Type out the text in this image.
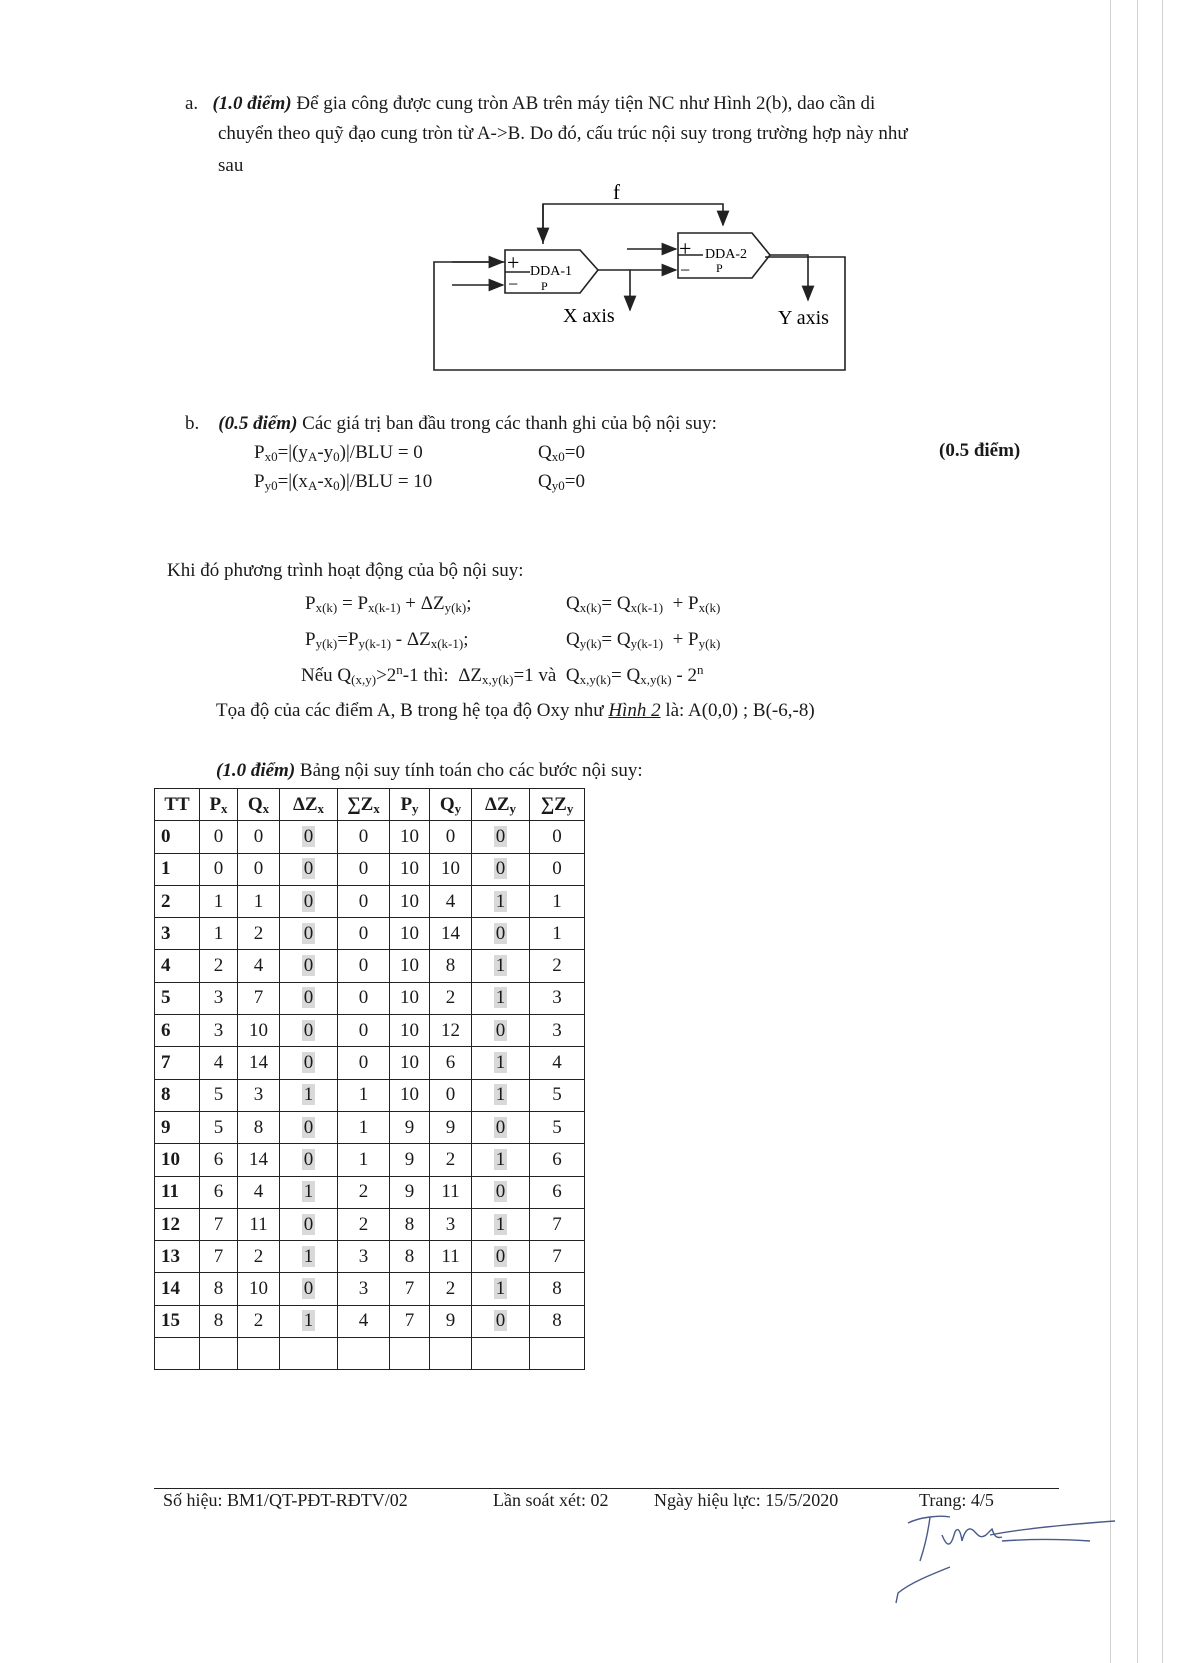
a. (1.0 điểm) Để gia công được cung tròn AB trên máy tiện NC như Hình 2(b), dao cần di
chuyển theo quỹ đạo cung tròn từ A->B. Do đó, cấu trúc nội suy trong trường hợp này như
sau
f
+
−
DDA-1
P
+
−
DDA-2
P
X axis	Y axis
b. (0.5 điểm) Các giá trị ban đầu trong các thanh ghi của bộ nội suy:
(0.5 điểm)
$P_{x0}=|(y_A-y_0)|$/BLU = 0
$P_{y0}=|(x_A-x_0)|$/BLU = 10
$Q_{x0}=0$
$Q_{y0}=0$
Khi đó phương trình hoạt động của bộ nội suy:
$P_{x(k)} = P_{x(k-1)} + \Delta Z_{y(k)}$;	$Q_{x(k)}= Q_{x(k-1)} + P_{x(k)}$
$P_{y(k)}=P_{y(k-1)} - \Delta Z_{x(k-1)}$;	$Q_{y(k)}= Q_{y(k-1)} + P_{y(k)}$
Nếu $Q_{(x,y)}>2^n-1$ thì:  $\Delta Z_{x,y(k)}=1$ và  $Q_{x,y(k)}= Q_{x,y(k)} - 2^n$
Tọa độ của các điểm A, B trong hệ tọa độ Oxy như Hình 2 là: A(0,0) ; B(-6,-8)
(1.0 điểm) Bảng nội suy tính toán cho các bước nội suy:
TT	$P_x$	$Q_x$	$\Delta Z_x$	$\sum Z_x$	$P_y$	$Q_y$	$\Delta Z_y$	$\sum Z_y$
0	0	0	0	0	10	0	0	0
1	0	0	0	0	10	10	0	0
2	1	1	0	0	10	4	1	1
3	1	2	0	0	10	14	0	1
4	2	4	0	0	10	8	1	2
5	3	7	0	0	10	2	1	3
6	3	10	0	0	10	12	0	3
7	4	14	0	0	10	6	1	4
8	5	3	1	1	10	0	1	5
9	5	8	0	1	9	9	0	5
10	6	14	0	1	9	2	1	6
11	6	4	1	2	9	11	0	6
12	7	11	0	2	8	3	1	7
13	7	2	1	3	8	11	0	7
14	8	10	0	3	7	2	1	8
15	8	2	1	4	7	9	0	8

Số hiệu: BM1/QT-PĐT-RĐTV/02	Lần soát xét: 02	Ngày hiệu lực: 15/5/2020	Trang: 4/5
